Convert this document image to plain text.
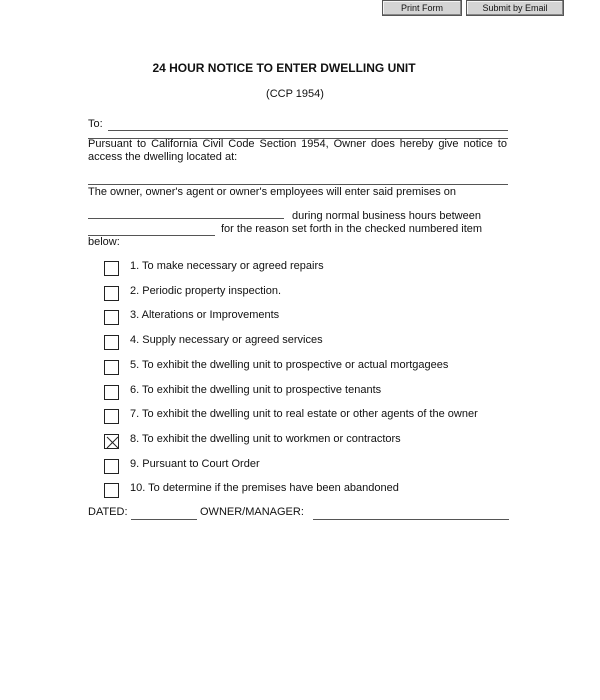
Print Form	Submit by Email
24 HOUR NOTICE TO ENTER DWELLING UNIT
(CCP 1954)
To:
Pursuant to California Civil Code Section 1954, Owner does hereby give notice to access the dwelling located at:
The owner, owner's agent or owner's employees will enter said premises on
during normal business hours between
for the reason set forth in the checked numbered item
below:
1. To make necessary or agreed repairs
2. Periodic property inspection.
3. Alterations or Improvements
4. Supply necessary or agreed services
5. To exhibit the dwelling unit to prospective or actual mortgagees
6. To exhibit the dwelling unit to prospective tenants
7. To exhibit the dwelling unit to real estate or other agents of the owner
8. To exhibit the dwelling unit to workmen or contractors
9. Pursuant to Court Order
10. To determine if the premises have been abandoned
DATED:	OWNER/MANAGER:
